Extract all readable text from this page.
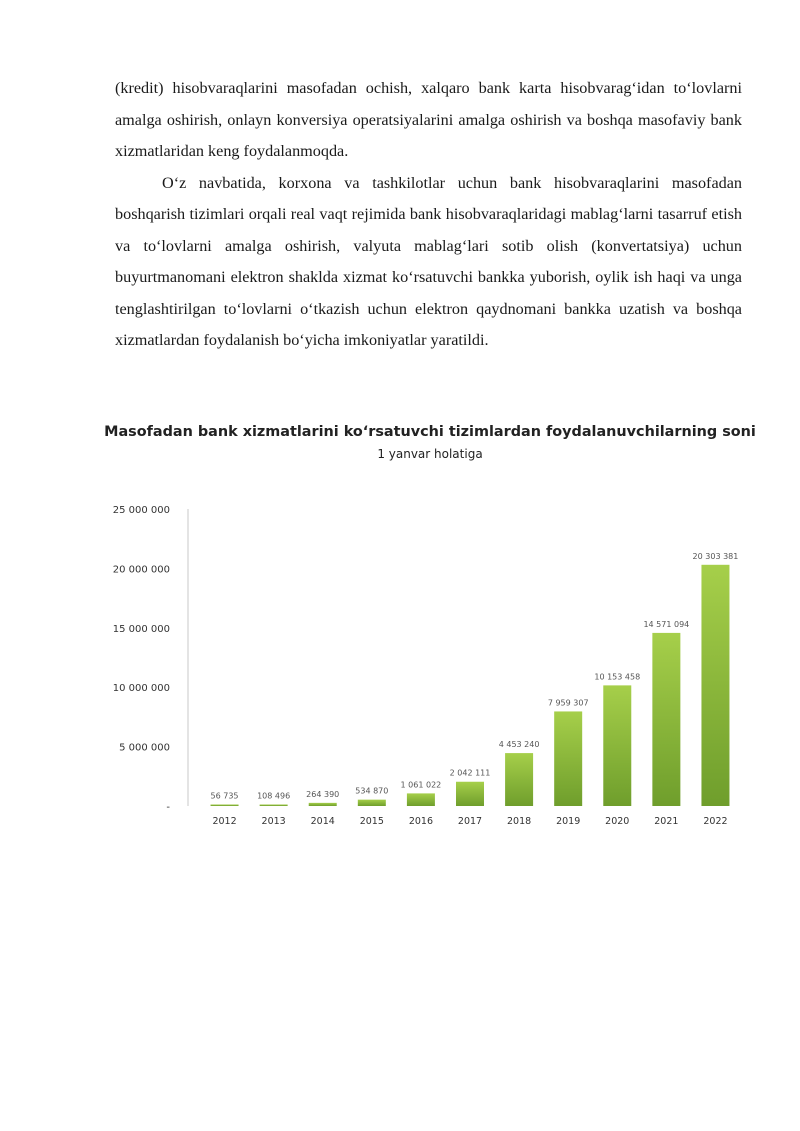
(kredit) hisobvaraqlarini masofadan ochish, xalqaro bank karta hisobvarag‘idan to‘lovlarni amalga oshirish, onlayn konversiya operatsiyalarini amalga oshirish va boshqa masofaviy bank xizmatlaridan keng foydalanmoqda.

O‘z navbatida, korxona va tashkilotlar uchun bank hisobvaraqlarini masofadan boshqarish tizimlari orqali real vaqt rejimida bank hisobvaraqlaridagi mablag‘larni tasarruf etish va to‘lovlarni amalga oshirish, valyuta mablag‘lari sotib olish (konvertatsiya) uchun buyurtmanomani elektron shaklda xizmat ko‘rsatuvchi bankka yuborish, oylik ish haqi va unga tenglashtirilgan to‘lovlarni o‘tkazish uchun elektron qaydnomani bankka uzatish va boshqa xizmatlardan foydalanish bo‘yicha imkoniyatlar yaratildi.

Masofadan bank xizmatlarini ko‘rsatuvchi tizimlardan foydalanuvchilarning soni
1 yanvar holatiga
-
5 000 000
10 000 000
15 000 000
20 000 000
25 000 000
56 735
2012
108 496
2013
264 390
2014
534 870
2015
1 061 022
2016
2 042 111
2017
4 453 240
2018
7 959 307
2019
10 153 458
2020
14 571 094
2021
20 303 381
2022
